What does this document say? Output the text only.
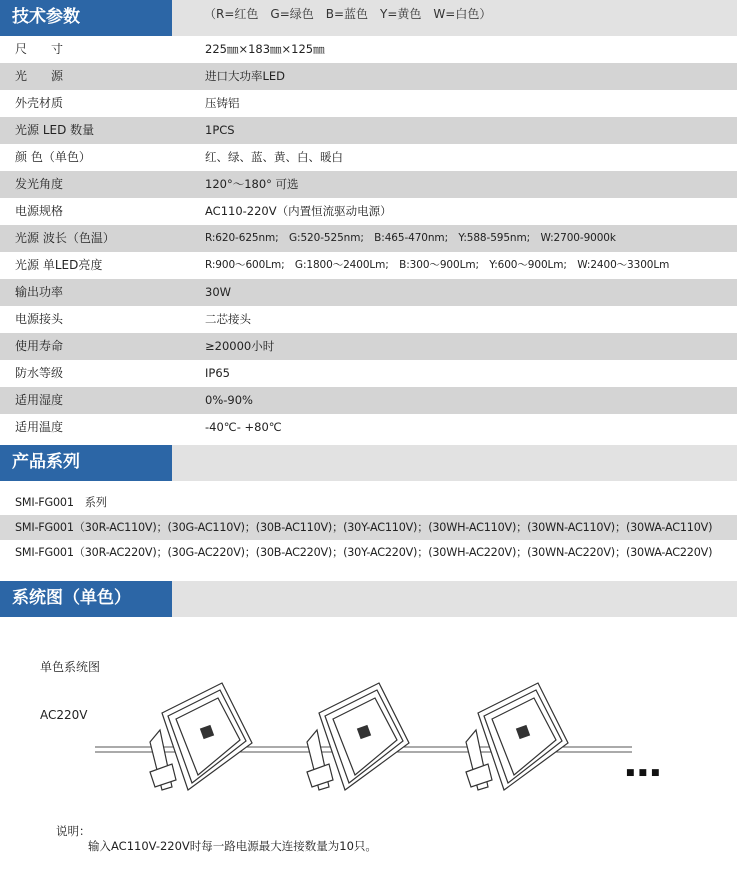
技术参数	（R=红色　G=绿色　B=蓝色　Y=黄色　W=白色）
尺　　寸	225㎜×183㎜×125㎜
光　　源	进口大功率LED
外壳材质	压铸铝
光源 LED 数量	1PCS
颜 色（单色）	红、绿、蓝、黄、白、暖白
发光角度	120°～180° 可选
电源规格	AC110-220V（内置恒流驱动电源）
光源 波长（色温）	R:620-625nm;　G:520-525nm;　B:465-470nm;　Y:588-595nm;　W:2700-9000k
光源 单LED亮度	R:900～600Lm;　G:1800～2400Lm;　B:300～900Lm;　Y:600～900Lm;　W:2400～3300Lm
输出功率	30W
电源接头	二芯接头
使用寿命	≥20000小时
防水等级	IP65
适用湿度	0%-90%
适用温度	-40℃- +80℃
产品系列
SMI-FG001　系列
SMI-FG001（30R-AC110V)；(30G-AC110V)；(30B-AC110V)；(30Y-AC110V)；(30WH-AC110V)；(30WN-AC110V)；(30WA-AC110V)
SMI-FG001（30R-AC220V)；(30G-AC220V)；(30B-AC220V)；(30Y-AC220V)；(30WH-AC220V)；(30WN-AC220V)；(30WA-AC220V)
系统图（单色）
单色系统图
AC220V
■■■
说明：
输入AC110V-220V时每一路电源最大连接数量为10只。
